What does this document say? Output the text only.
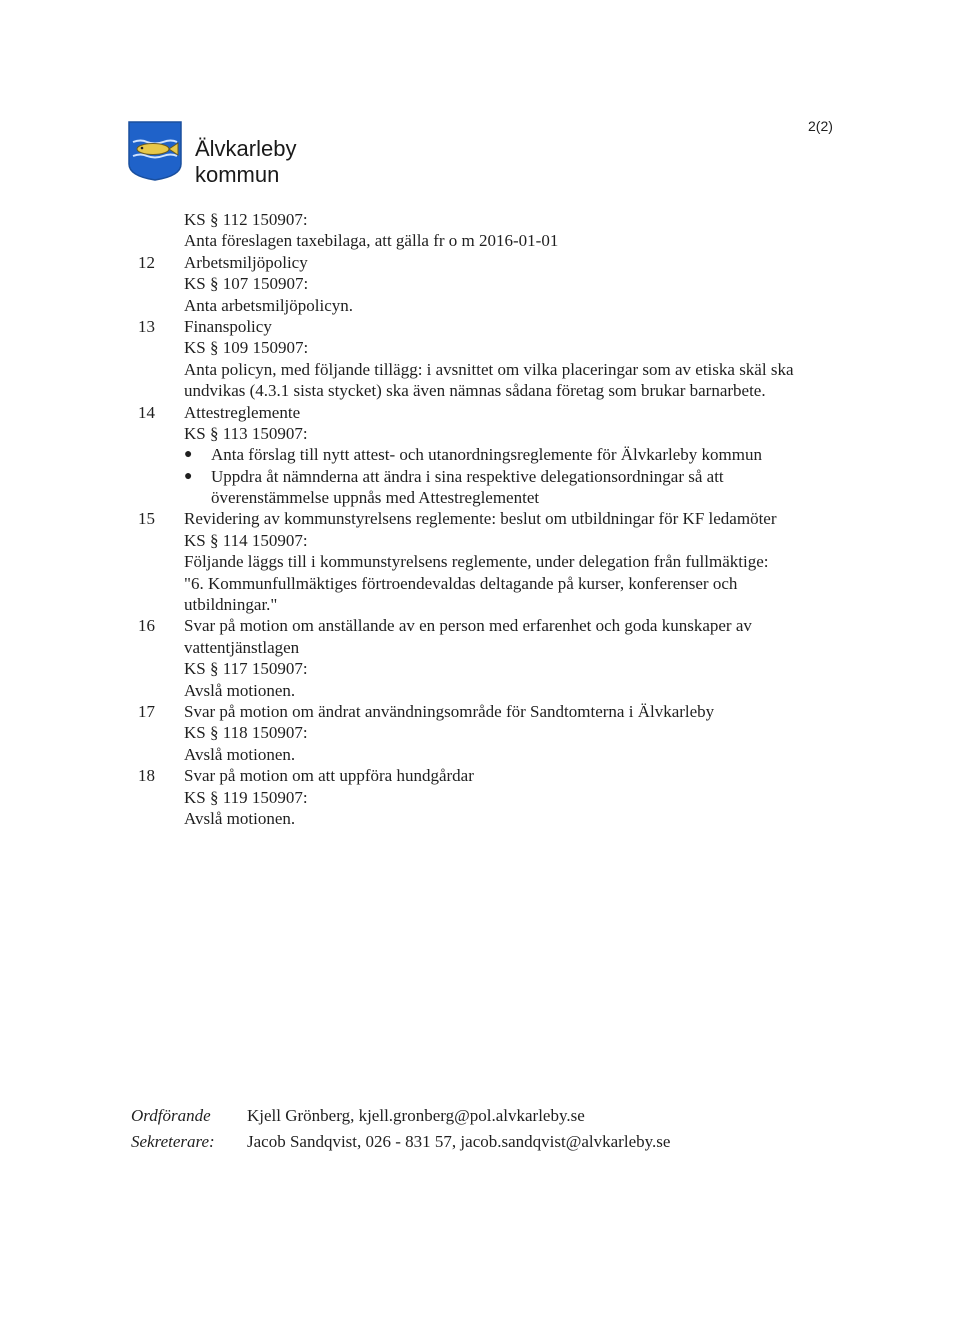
Älvkarleby
kommun
2(2)
KS § 112 150907:
Anta föreslagen taxebilaga, att gälla fr o m 2016-01-01
12 Arbetsmiljöpolicy
KS § 107 150907:
Anta arbetsmiljöpolicyn.
13 Finanspolicy
KS § 109 150907:
Anta policyn, med följande tillägg: i avsnittet om vilka placeringar som av etiska skäl ska
undvikas (4.3.1 sista stycket) ska även nämnas sådana företag som brukar barnarbete.
14 Attestreglemente
KS § 113 150907:
● Anta förslag till nytt attest- och utanordningsreglemente för Älvkarleby kommun
● Uppdra åt nämnderna att ändra i sina respektive delegationsordningar så att
överenstämmelse uppnås med Attestreglementet
15 Revidering av kommunstyrelsens reglemente: beslut om utbildningar för KF ledamöter
KS § 114 150907:
Följande läggs till i kommunstyrelsens reglemente, under delegation från fullmäktige:
"6. Kommunfullmäktiges förtroendevaldas deltagande på kurser, konferenser och
utbildningar."
16 Svar på motion om anställande av en person med erfarenhet och goda kunskaper av
vattentjänstlagen
KS § 117 150907:
Avslå motionen.
17 Svar på motion om ändrat användningsområde för Sandtomterna i Älvkarleby
KS § 118 150907:
Avslå motionen.
18 Svar på motion om att uppföra hundgårdar
KS § 119 150907:
Avslå motionen.
Ordförande Kjell Grönberg, kjell.gronberg@pol.alvkarleby.se
Sekreterare: Jacob Sandqvist, 026 - 831 57, jacob.sandqvist@alvkarleby.se
